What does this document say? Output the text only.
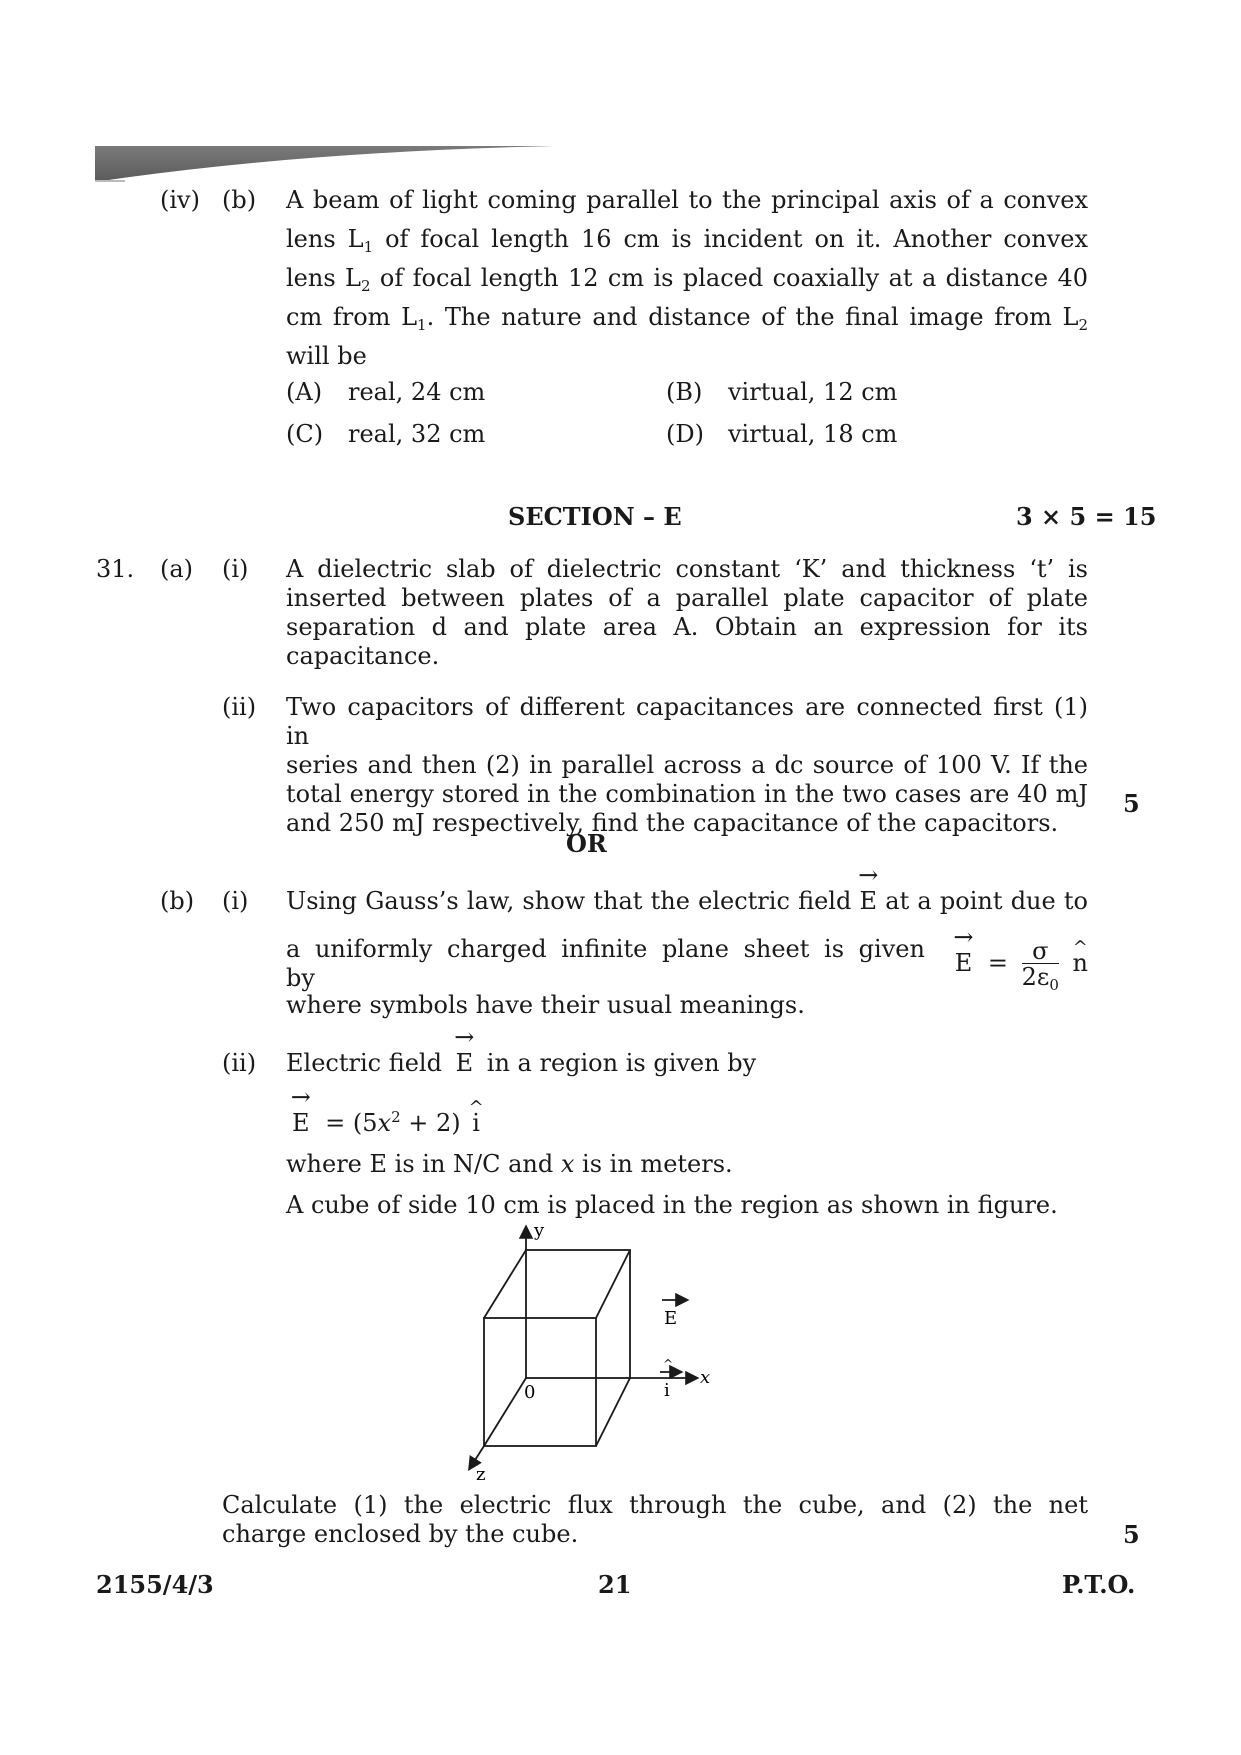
(iv) (b) A beam of light coming parallel to the principal axis of a convex
lens $L_1$ of focal length 16 cm is incident on it. Another convex
lens $L_2$ of focal length 12 cm is placed coaxially at a distance 40
cm from $L_1$. The nature and distance of the final image from $L_2$
will be
(A) real, 24 cm	(B) virtual, 12 cm
(C) real, 32 cm	(D) virtual, 18 cm
SECTION – E	3 × 5 = 15
31. (a) (i) A dielectric slab of dielectric constant ‘K’ and thickness ‘t’ is
inserted between plates of a parallel plate capacitor of plate
separation d and plate area A. Obtain an expression for its
capacitance.
(ii) Two capacitors of different capacitances are connected first (1) in
series and then (2) in parallel across a dc source of 100 V. If the
total energy stored in the combination in the two cases are 40 mJ
and 250 mJ respectively, find the capacitance of the capacitors.
5
OR
(b) (i) Using Gauss’s law, show that the electric field → E at a point due to
a uniformly charged infinite plane sheet is given by
→ $E = \frac{\sigma}{2\varepsilon_0}$ ^ n
where symbols have their usual meanings.
(ii) Electric field → E in a region is given by
→ $E = (5x^2 + 2)$ ^ i
where E is in N/C and x is in meters.
A cube of side 10 cm is placed in the region as shown in figure.
y
x
z
0
E
^
i
Calculate (1) the electric flux through the cube, and (2) the net
charge enclosed by the cube.	5
2155/4/3	21	P.T.O.
